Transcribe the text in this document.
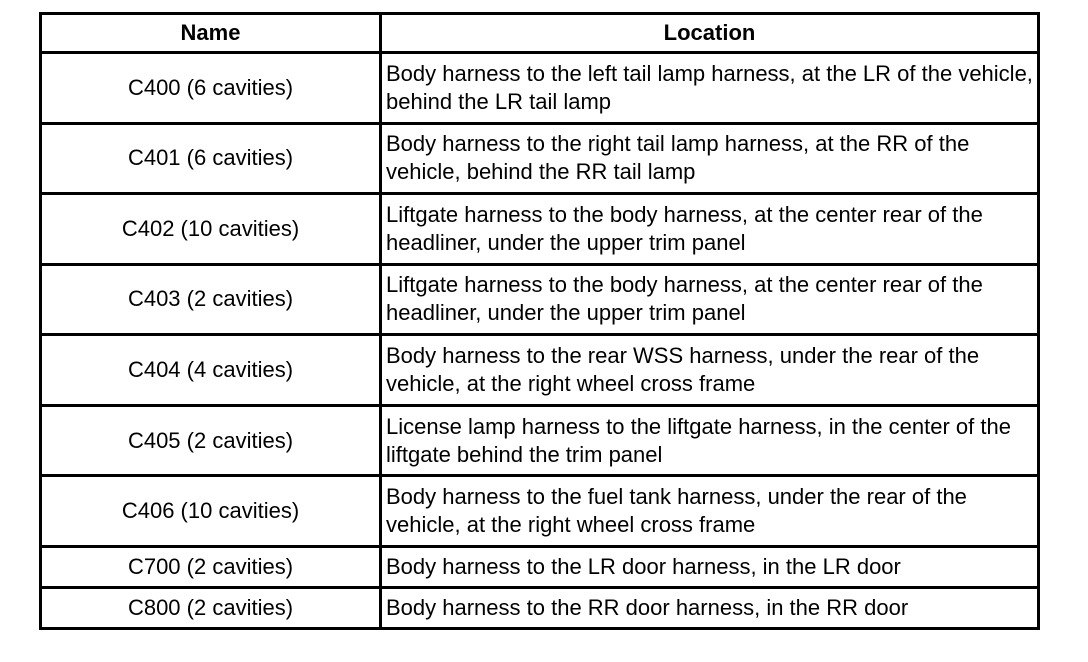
Name	Location
C400 (6 cavities)	Body harness to the left tail lamp harness, at the LR of the vehicle, behind the LR tail lamp
C401 (6 cavities)	Body harness to the right tail lamp harness, at the RR of the vehicle, behind the RR tail lamp
C402 (10 cavities)	Liftgate harness to the body harness, at the center rear of the headliner, under the upper trim panel
C403 (2 cavities)	Liftgate harness to the body harness, at the center rear of the headliner, under the upper trim panel
C404 (4 cavities)	Body harness to the rear WSS harness, under the rear of the vehicle, at the right wheel cross frame
C405 (2 cavities)	License lamp harness to the liftgate harness, in the center of the liftgate behind the trim panel
C406 (10 cavities)	Body harness to the fuel tank harness, under the rear of the vehicle, at the right wheel cross frame
C700 (2 cavities)	Body harness to the LR door harness, in the LR door
C800 (2 cavities)	Body harness to the RR door harness, in the RR door
